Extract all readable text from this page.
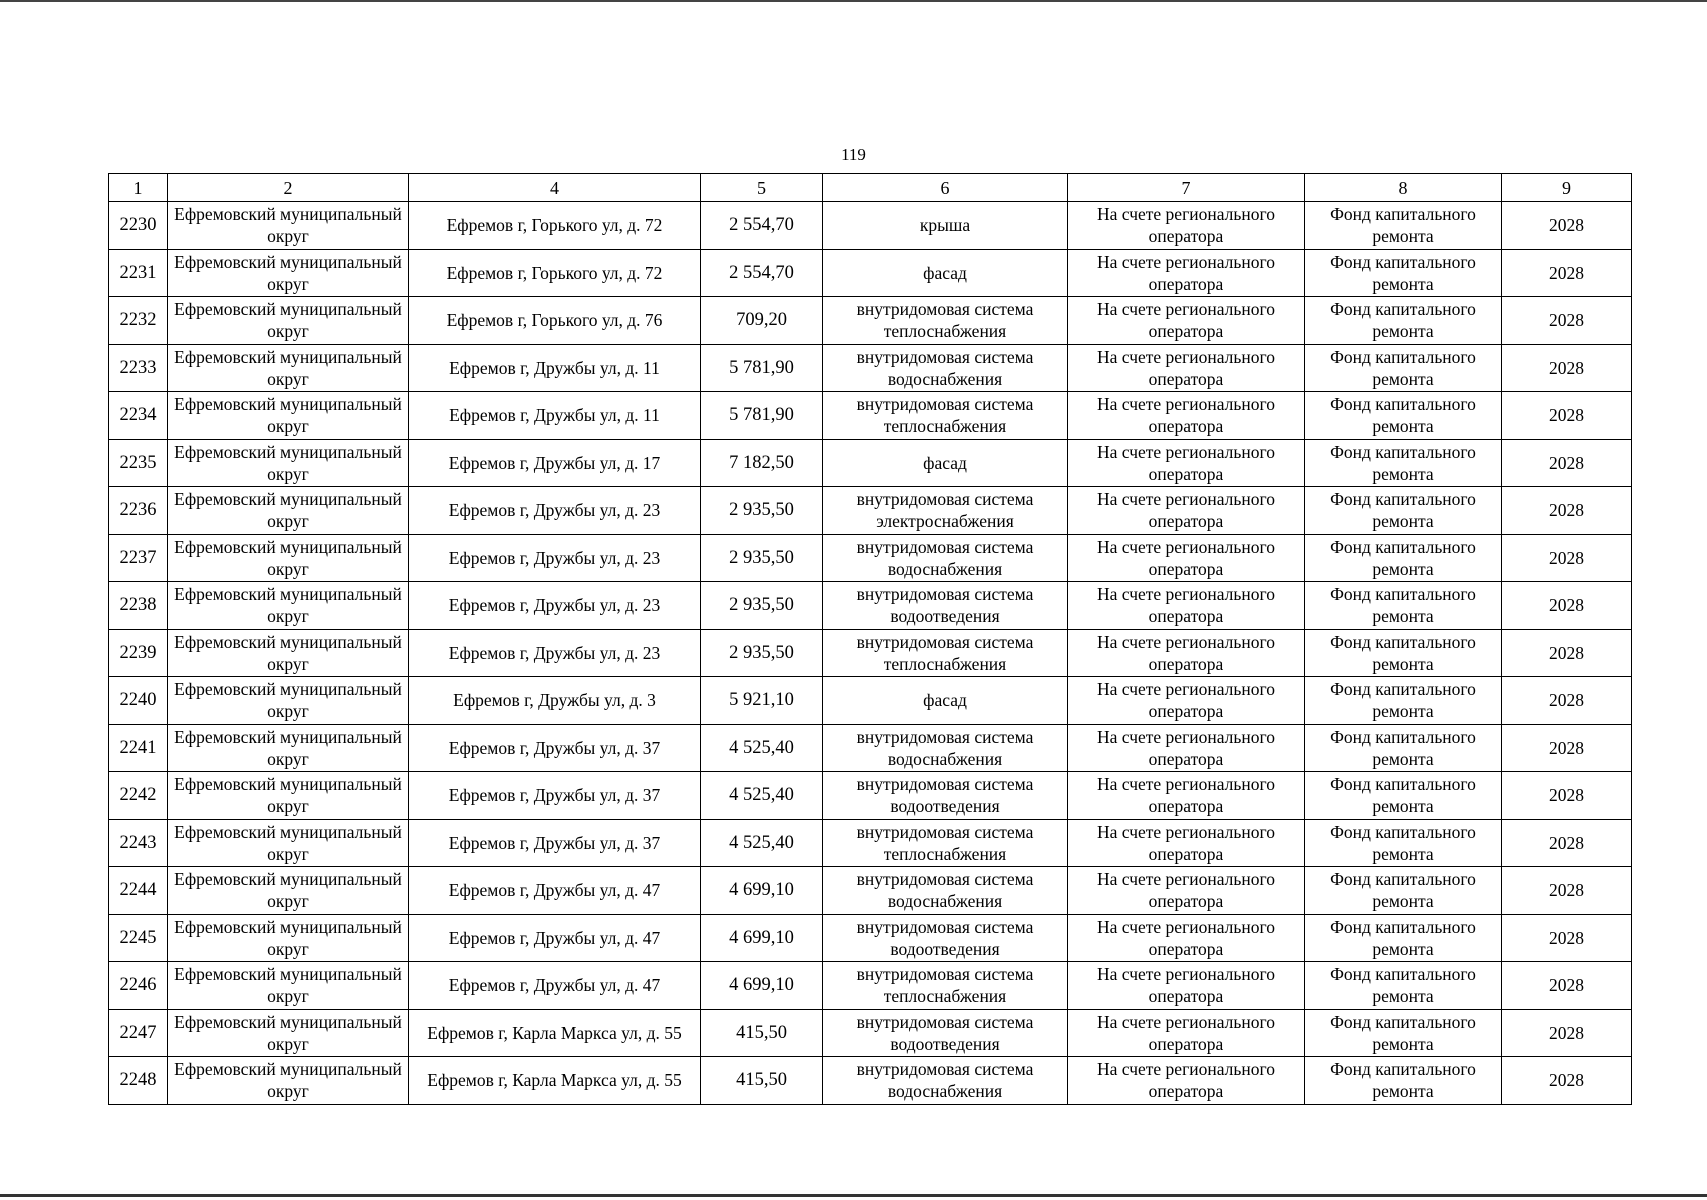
119
1	2	4	5	6	7	8	9
2230	Ефремовский муниципальный округ	Ефремов г, Горького ул, д. 72	2 554,70	крыша	На счете регионального оператора	Фонд капитального ремонта	2028
2231	Ефремовский муниципальный округ	Ефремов г, Горького ул, д. 72	2 554,70	фасад	На счете регионального оператора	Фонд капитального ремонта	2028
2232	Ефремовский муниципальный округ	Ефремов г, Горького ул, д. 76	709,20	внутридомовая система теплоснабжения	На счете регионального оператора	Фонд капитального ремонта	2028
2233	Ефремовский муниципальный округ	Ефремов г, Дружбы ул, д. 11	5 781,90	внутридомовая система водоснабжения	На счете регионального оператора	Фонд капитального ремонта	2028
2234	Ефремовский муниципальный округ	Ефремов г, Дружбы ул, д. 11	5 781,90	внутридомовая система теплоснабжения	На счете регионального оператора	Фонд капитального ремонта	2028
2235	Ефремовский муниципальный округ	Ефремов г, Дружбы ул, д. 17	7 182,50	фасад	На счете регионального оператора	Фонд капитального ремонта	2028
2236	Ефремовский муниципальный округ	Ефремов г, Дружбы ул, д. 23	2 935,50	внутридомовая система электроснабжения	На счете регионального оператора	Фонд капитального ремонта	2028
2237	Ефремовский муниципальный округ	Ефремов г, Дружбы ул, д. 23	2 935,50	внутридомовая система водоснабжения	На счете регионального оператора	Фонд капитального ремонта	2028
2238	Ефремовский муниципальный округ	Ефремов г, Дружбы ул, д. 23	2 935,50	внутридомовая система водоотведения	На счете регионального оператора	Фонд капитального ремонта	2028
2239	Ефремовский муниципальный округ	Ефремов г, Дружбы ул, д. 23	2 935,50	внутридомовая система теплоснабжения	На счете регионального оператора	Фонд капитального ремонта	2028
2240	Ефремовский муниципальный округ	Ефремов г, Дружбы ул, д. 3	5 921,10	фасад	На счете регионального оператора	Фонд капитального ремонта	2028
2241	Ефремовский муниципальный округ	Ефремов г, Дружбы ул, д. 37	4 525,40	внутридомовая система водоснабжения	На счете регионального оператора	Фонд капитального ремонта	2028
2242	Ефремовский муниципальный округ	Ефремов г, Дружбы ул, д. 37	4 525,40	внутридомовая система водоотведения	На счете регионального оператора	Фонд капитального ремонта	2028
2243	Ефремовский муниципальный округ	Ефремов г, Дружбы ул, д. 37	4 525,40	внутридомовая система теплоснабжения	На счете регионального оператора	Фонд капитального ремонта	2028
2244	Ефремовский муниципальный округ	Ефремов г, Дружбы ул, д. 47	4 699,10	внутридомовая система водоснабжения	На счете регионального оператора	Фонд капитального ремонта	2028
2245	Ефремовский муниципальный округ	Ефремов г, Дружбы ул, д. 47	4 699,10	внутридомовая система водоотведения	На счете регионального оператора	Фонд капитального ремонта	2028
2246	Ефремовский муниципальный округ	Ефремов г, Дружбы ул, д. 47	4 699,10	внутридомовая система теплоснабжения	На счете регионального оператора	Фонд капитального ремонта	2028
2247	Ефремовский муниципальный округ	Ефремов г, Карла Маркса ул, д. 55	415,50	внутридомовая система водоотведения	На счете регионального оператора	Фонд капитального ремонта	2028
2248	Ефремовский муниципальный округ	Ефремов г, Карла Маркса ул, д. 55	415,50	внутридомовая система водоснабжения	На счете регионального оператора	Фонд капитального ремонта	2028
